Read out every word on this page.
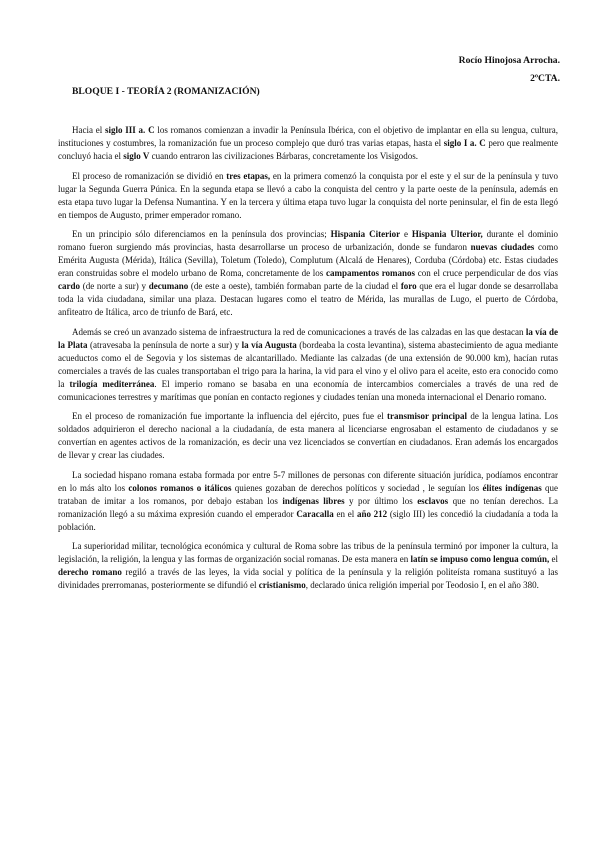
Rocío Hinojosa Arrocha.
2ºCTA.
BLOQUE I - TEORÍA 2 (ROMANIZACIÓN)

Hacia el siglo III a. C los romanos comienzan a invadir la Península Ibérica, con el objetivo de implantar en ella su lengua, cultura, instituciones y costumbres, la romanización fue un proceso complejo que duró tras varias etapas, hasta el siglo I a. C pero que realmente concluyó hacia el siglo V cuando entraron las civilizaciones Bárbaras, concretamente los Visigodos.

El proceso de romanización se dividió en tres etapas, en la primera comenzó la conquista por el este y el sur de la península y tuvo lugar la Segunda Guerra Púnica. En la segunda etapa se llevó a cabo la conquista del centro y la parte oeste de la península, además en esta etapa tuvo lugar la Defensa Numantina. Y en la tercera y última etapa tuvo lugar la conquista del norte peninsular, el fin de esta llegó en tiempos de Augusto, primer emperador romano.

En un principio sólo diferenciamos en la península dos provincias; Hispania Citerior e Hispania Ulterior, durante el dominio romano fueron surgiendo más provincias, hasta desarrollarse un proceso de urbanización, donde se fundaron nuevas ciudades como Emérita Augusta (Mérida), Itálica (Sevilla), Toletum (Toledo), Complutum (Alcalá de Henares), Corduba (Córdoba) etc. Estas ciudades eran construidas sobre el modelo urbano de Roma, concretamente de los campamentos romanos con el cruce perpendicular de dos vías cardo (de norte a sur) y decumano (de este a oeste), también formaban parte de la ciudad el foro que era el lugar donde se desarrollaba toda la vida ciudadana, similar una plaza. Destacan lugares como el teatro de Mérida, las murallas de Lugo, el puerto de Córdoba, anfiteatro de Itálica, arco de triunfo de Bará, etc.

Además se creó un avanzado sistema de infraestructura la red de comunicaciones a través de las calzadas en las que destacan la vía de la Plata (atravesaba la península de norte a sur) y la vía Augusta (bordeaba la costa levantina), sistema abastecimiento de agua mediante acueductos como el de Segovia y los sistemas de alcantarillado. Mediante las calzadas (de una extensión de 90.000 km), hacían rutas comerciales a través de las cuales transportaban el trigo para la harina, la vid para el vino y el olivo para el aceite, esto era conocido como la trilogía mediterránea. El imperio romano se basaba en una economía de intercambios comerciales a través de una red de comunicaciones terrestres y marítimas que ponían en contacto regiones y ciudades tenían una moneda internacional el Denario romano.

En el proceso de romanización fue importante la influencia del ejército, pues fue el transmisor principal de la lengua latina. Los soldados adquirieron el derecho nacional a la ciudadanía, de esta manera al licenciarse engrosaban el estamento de ciudadanos y se convertían en agentes activos de la romanización, es decir una vez licenciados se convertían en ciudadanos. Eran además los encargados de llevar y crear las ciudades.

La sociedad hispano romana estaba formada por entre 5-7 millones de personas con diferente situación jurídica, podíamos encontrar en lo más alto los colonos romanos o itálicos quienes gozaban de derechos políticos y sociedad , le seguían los élites indígenas que trataban de imitar a los romanos, por debajo estaban los indígenas libres y por último los esclavos que no tenían derechos. La romanización llegó a su máxima expresión cuando el emperador Caracalla en el año 212 (siglo III) les concedió la ciudadanía a toda la población.

La superioridad militar, tecnológica económica y cultural de Roma sobre las tribus de la península terminó por imponer la cultura, la legislación, la religión, la lengua y las formas de organización social romanas. De esta manera en latín se impuso como lengua común, el derecho romano regiló a través de las leyes, la vida social y política de la península y la religión politeísta romana sustituyó a las divinidades prerromanas, posteriormente se difundió el cristianismo, declarado única religión imperial por Teodosio I, en el año 380.
